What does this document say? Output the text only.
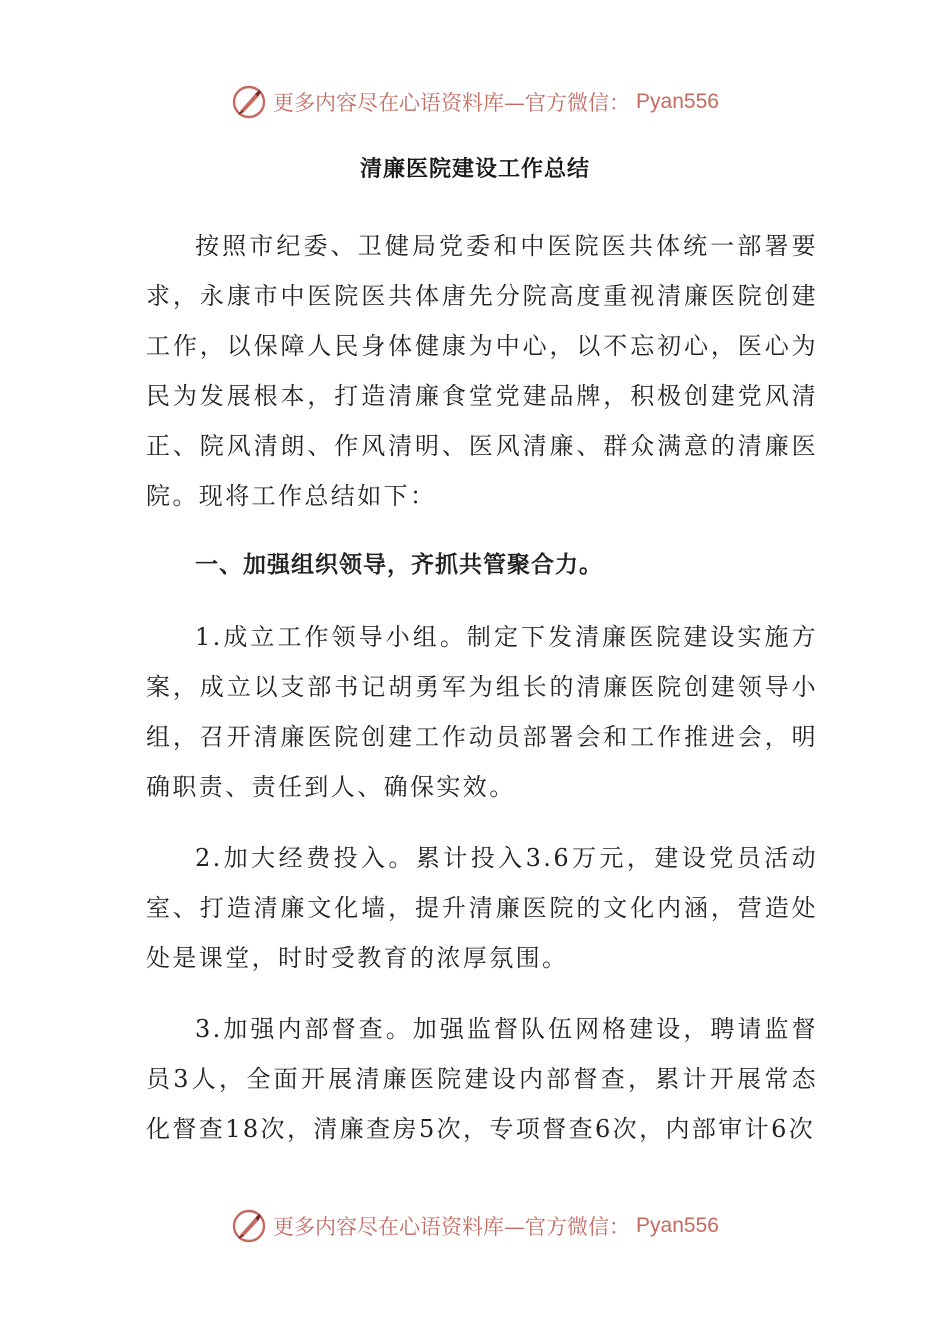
更多内容尽在心语资料库—官方微信： Pyan556
清廉医院建设工作总结

按照市纪委、卫健局党委和中医院医共体统一部署要求，永康市中医院医共体唐先分院高度重视清廉医院创建工作，以保障人民身体健康为中心，以不忘初心，医心为民为发展根本，打造清廉食堂党建品牌，积极创建党风清正、院风清朗、作风清明、医风清廉、群众满意的清廉医院。现将工作总结如下：

一、加强组织领导，齐抓共管聚合力。

1.成立工作领导小组。制定下发清廉医院建设实施方案，成立以支部书记胡勇军为组长的清廉医院创建领导小组，召开清廉医院创建工作动员部署会和工作推进会，明确职责、责任到人、确保实效。

2.加大经费投入。累计投入3.6万元，建设党员活动室、打造清廉文化墙，提升清廉医院的文化内涵，营造处处是课堂，时时受教育的浓厚氛围。

3.加强内部督查。加强监督队伍网格建设，聘请监督员3人，全面开展清廉医院建设内部督查，累计开展常态化督查18次，清廉查房5次，专项督查6次，内部审计6次

更多内容尽在心语资料库—官方微信： Pyan556
